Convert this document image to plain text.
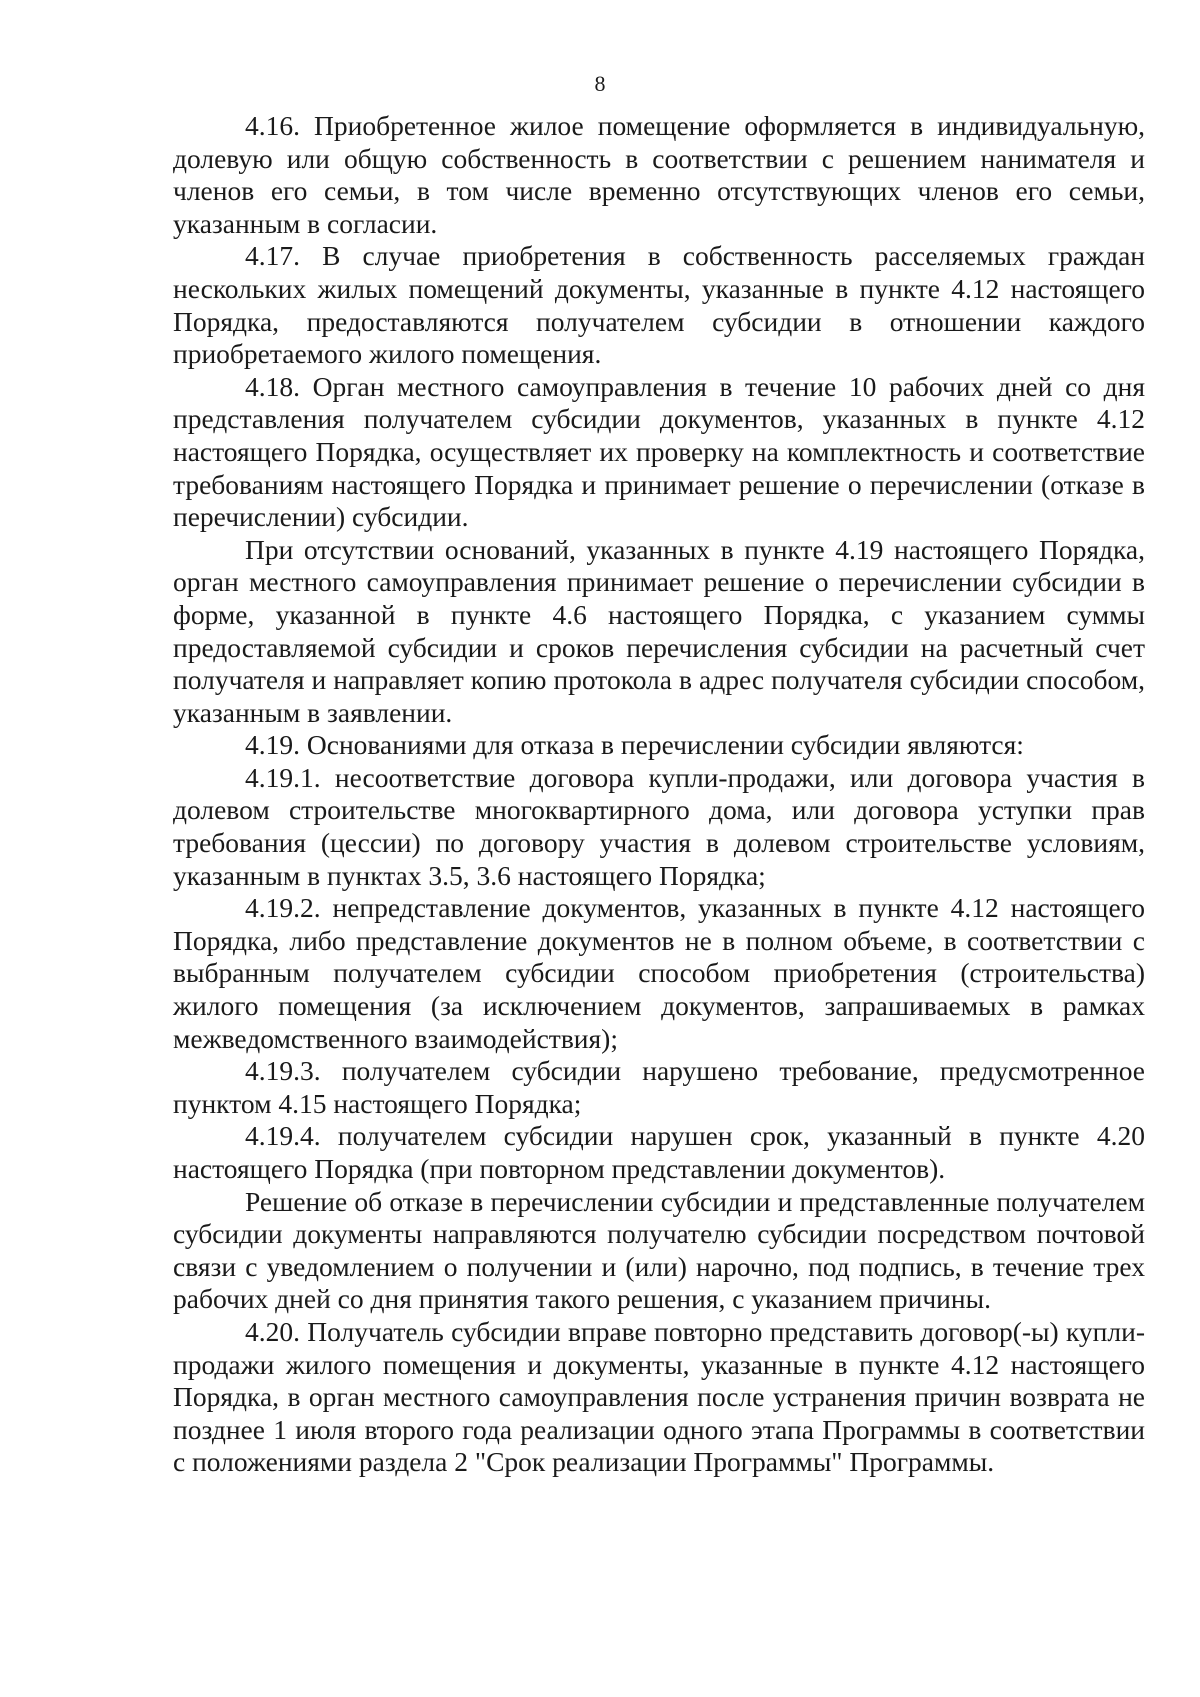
8

4.16. Приобретенное жилое помещение оформляется в индивидуальную, долевую или общую собственность в соответствии с решением нанимателя и членов его семьи, в том числе временно отсутствующих членов его семьи, указанным в согласии.

4.17. В случае приобретения в собственность расселяемых граждан нескольких жилых помещений документы, указанные в пункте 4.12 настоящего Порядка, предоставляются получателем субсидии в отношении каждого приобретаемого жилого помещения.

4.18. Орган местного самоуправления в течение 10 рабочих дней со дня представления получателем субсидии документов, указанных в пункте 4.12 настоящего Порядка, осуществляет их проверку на комплектность и соответствие требованиям настоящего Порядка и принимает решение о перечислении (отказе в перечислении) субсидии.

При отсутствии оснований, указанных в пункте 4.19 настоящего Порядка, орган местного самоуправления принимает решение о перечислении субсидии в форме, указанной в пункте 4.6 настоящего Порядка, с указанием суммы предоставляемой субсидии и сроков перечисления субсидии на расчетный счет получателя и направляет копию протокола в адрес получателя субсидии способом, указанным в заявлении.

4.19. Основаниями для отказа в перечислении субсидии являются:

4.19.1. несоответствие договора купли-продажи, или договора участия в долевом строительстве многоквартирного дома, или договора уступки прав требования (цессии) по договору участия в долевом строительстве условиям, указанным в пунктах 3.5, 3.6 настоящего Порядка;

4.19.2. непредставление документов, указанных в пункте 4.12 настоящего Порядка, либо представление документов не в полном объеме, в соответствии с выбранным получателем субсидии способом приобретения (строительства) жилого помещения (за исключением документов, запрашиваемых в рамках межведомственного взаимодействия);

4.19.3. получателем субсидии нарушено требование, предусмотренное пунктом 4.15 настоящего Порядка;

4.19.4. получателем субсидии нарушен срок, указанный в пункте 4.20 настоящего Порядка (при повторном представлении документов).

Решение об отказе в перечислении субсидии и представленные получателем субсидии документы направляются получателю субсидии посредством почтовой связи с уведомлением о получении и (или) нарочно, под подпись, в течение трех рабочих дней со дня принятия такого решения, с указанием причины.

4.20. Получатель субсидии вправе повторно представить договор(-ы) купли-продажи жилого помещения и документы, указанные в пункте 4.12 настоящего Порядка, в орган местного самоуправления после устранения причин возврата не позднее 1 июля второго года реализации одного этапа Программы в соответствии с положениями раздела 2 "Срок реализации Программы" Программы.
